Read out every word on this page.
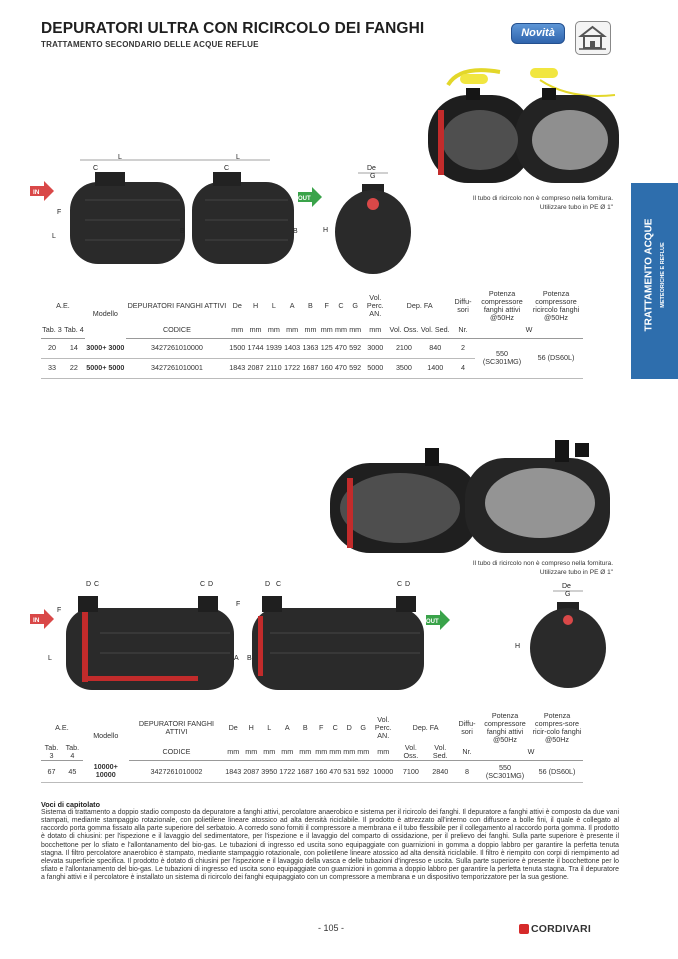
DEPURATORI ULTRA CON RICIRCOLO DEI FANGHI
TRATTAMENTO SECONDARIO DELLE ACQUE REFLUE
Novità
TRATTAMENTO ACQUE METEORICHE E REFLUE
Il tubo di ricircolo non è compreso nella fornitura. Utilizzare tubo in PE Ø 1"
L	L
C	C
IN
OUT
F
L
B	B
De
G
H
A.E.		Modello	DEPURATORI FANGHI ATTIVI	De	H	L	A	B	F	C	G	Vol. Perc. AN.	Dep. FA		Diffu-sori	Potenza compressore fanghi attivi @50Hz	Potenza compressore ricircolo fanghi @50Hz
Tab. 3	Tab. 4		CODICE	mm	mm	mm	mm	mm	mm	mm	mm	mm	Vol. Oss.	Vol. Sed.	Nr.	W	
20	14	3000+ 3000	3427261010000	1500	1744	1939	1403	1363	125	470	592	3000	2100	840	2	550 (SC301MG)	56 (DS60L)
33	22	5000+ 5000	3427261010001	1843	2087	2110	1722	1687	160	470	592	5000	3500	1400	4		
Il tubo di ricircolo non è compreso nella fornitura. Utilizzare tubo in PE Ø 1"
D C	C D	D C	C D
IN	OUT
F
L
F
A B
De
G
H
A.E.		Modello	DEPURATORI FANGHI ATTIVI	De	H	L	A	B	F	C	D	G	Vol. Perc. AN.	Dep. FA		Diffu-sori	Potenza compressore fanghi attivi @50Hz	Potenza compres-sore ricir-colo fanghi @50Hz
Tab. 3	Tab. 4		CODICE	mm	mm	mm	mm	mm	mm	mm	mm	mm	mm	Vol. Oss.	Vol. Sed.	Nr.	W	
67	45	10000+ 10000	3427261010002	1843	2087	3950	1722	1687	160	470	531	592	10000	7100	2840	8	550 (SC301MG)	56 (DS60L)
Voci di capitolato
Sistema di trattamento a doppio stadio composto da depuratore a fanghi attivi, percolatore anaerobico e sistema per il ricircolo dei fanghi. Il depuratore a fanghi attivi è composto da due vani stampati, mediante stampaggio rotazionale, con polietilene lineare atossico ad alta densità riciclabile. Il prodotto è attrezzato all'interno con diffusore a bolle fini, il quale è collegato al raccordo porta gomma fissato alla parte superiore del serbatoio. A corredo sono forniti il compressore a membrana e il tubo flessibile per il collegamento al raccordo porta gomma. Il prodotto è dotato di chiusini: per l'ispezione e il lavaggio del sedimentatore, per l'ispezione e il lavaggio del comparto di ossidazione, per il prelievo dei fanghi. Sulla parte superiore è presente il bocchettone per lo sfiato e l'allontanamento del bio-gas. Le tubazioni di ingresso ed uscita sono equipaggiate con guarnizioni in gomma a doppio labbro per garantire la perfetta tenuta stagna. Il filtro percolatore anaerobico è stampato, mediante stampaggio rotazionale, con polietilene lineare atossico ad alta densità riciclabile. Il filtro è riempito con corpi di riempimento ad elevata superficie specifica. Il prodotto è dotato di chiusini per l'ispezione e il lavaggio della vasca e delle tubazioni d'ingresso e uscita. Sulla parte superiore è presente il bocchettone per lo sfiato e l'allontanamento del bio-gas. Le tubazioni di ingresso ed uscita sono equipaggiate con guarnizioni in gomma a doppio labbro per garantire la perfetta tenuta stagna. Tra il depuratore a fanghi attivi e il percolatore è installato un sistema di ricircolo dei fanghi equipaggiato con un compressore a membrana e un dispositivo temporizzatore per la sua gestione.
- 105 -	CORDIVARI
